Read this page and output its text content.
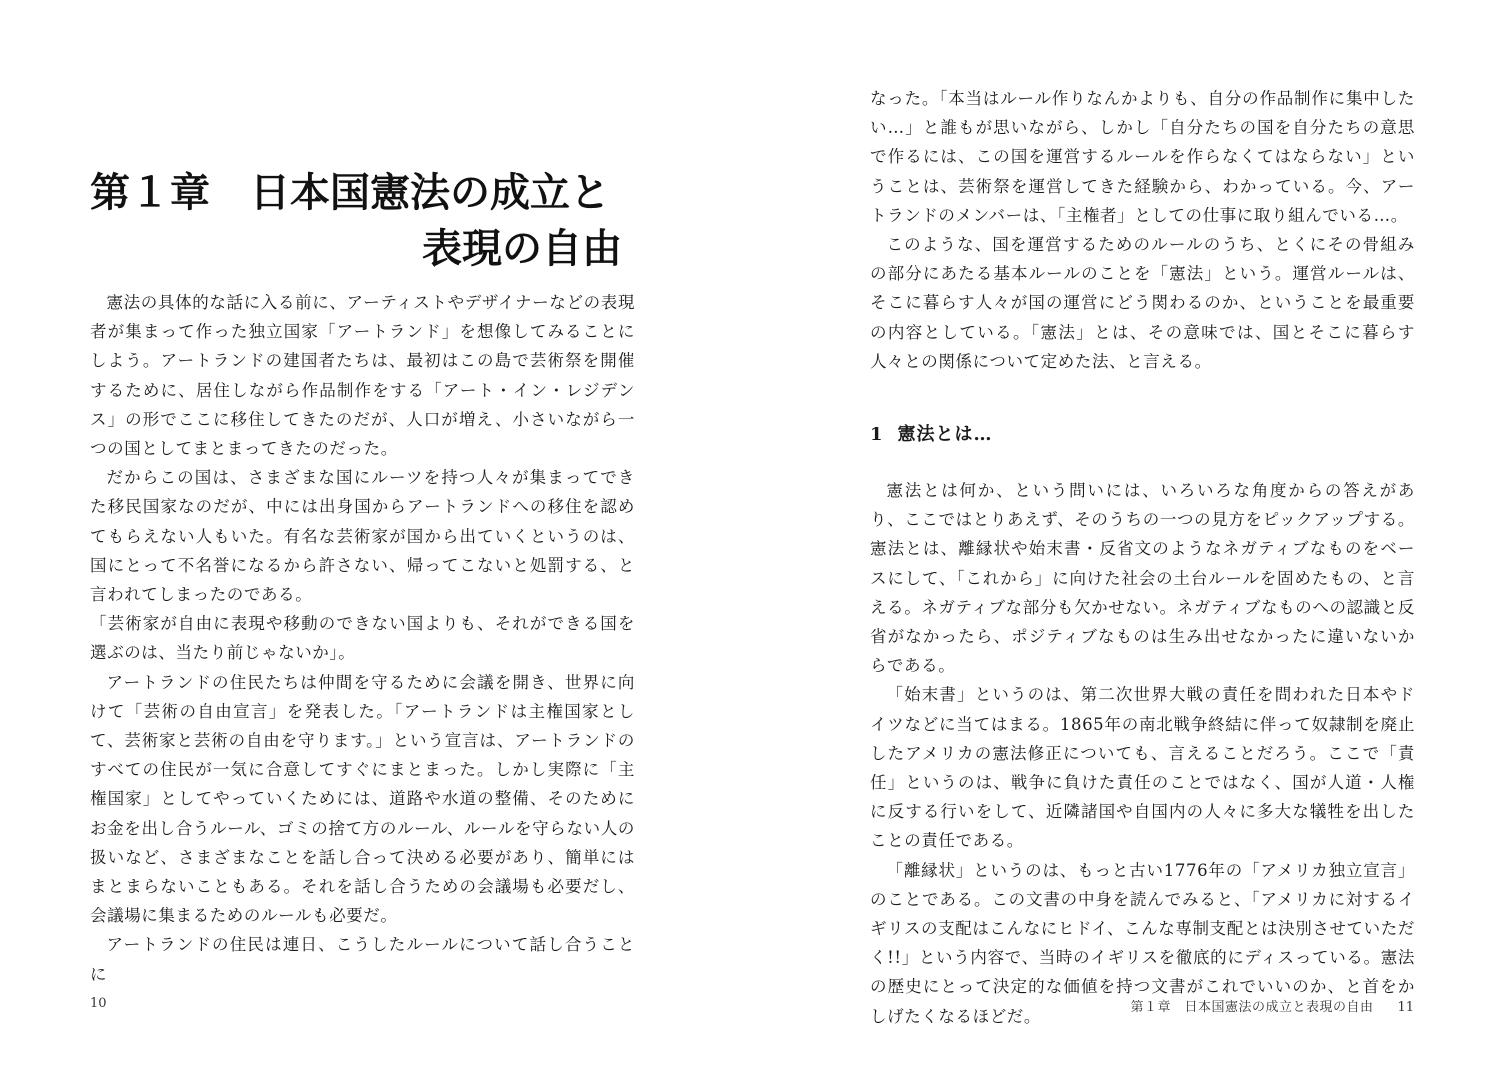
第１章　日本国憲法の成立と
表現の自由

憲法の具体的な話に入る前に、アーティストやデザイナーなどの表現者が集まって作った独立国家「アートランド」を想像してみることにしよう。アートランドの建国者たちは、最初はこの島で芸術祭を開催するために、居住しながら作品制作をする「アート・イン・レジデンス」の形でここに移住してきたのだが、人口が増え、小さいながら一つの国としてまとまってきたのだった。

だからこの国は、さまざまな国にルーツを持つ人々が集まってできた移民国家なのだが、中には出身国からアートランドへの移住を認めてもらえない人もいた。有名な芸術家が国から出ていくというのは、国にとって不名誉になるから許さない、帰ってこないと処罰する、と言われてしまったのである。

「芸術家が自由に表現や移動のできない国よりも、それができる国を選ぶのは、当たり前じゃないか」。

アートランドの住民たちは仲間を守るために会議を開き、世界に向けて「芸術の自由宣言」を発表した。「アートランドは主権国家として、芸術家と芸術の自由を守ります。」という宣言は、アートランドのすべての住民が一気に合意してすぐにまとまった。しかし実際に「主権国家」としてやっていくためには、道路や水道の整備、そのためにお金を出し合うルール、ゴミの捨て方のルール、ルールを守らない人の扱いなど、さまざまなことを話し合って決める必要があり、簡単にはまとまらないこともある。それを話し合うための会議場も必要だし、会議場に集まるためのルールも必要だ。

アートランドの住民は連日、こうしたルールについて話し合うことに

10

なった。「本当はルール作りなんかよりも、自分の作品制作に集中したい…」と誰もが思いながら、しかし「自分たちの国を自分たちの意思で作るには、この国を運営するルールを作らなくてはならない」ということは、芸術祭を運営してきた経験から、わかっている。今、アートランドのメンバーは、「主権者」としての仕事に取り組んでいる…。

このような、国を運営するためのルールのうち、とくにその骨組みの部分にあたる基本ルールのことを「憲法」という。運営ルールは、そこに暮らす人々が国の運営にどう関わるのか、ということを最重要の内容としている。「憲法」とは、その意味では、国とそこに暮らす人々との関係について定めた法、と言える。

1 憲法とは…

憲法とは何か、という問いには、いろいろな角度からの答えがあり、ここではとりあえず、そのうちの一つの見方をピックアップする。憲法とは、離縁状や始末書・反省文のようなネガティブなものをベースにして、「これから」に向けた社会の土台ルールを固めたもの、と言える。ネガティブな部分も欠かせない。ネガティブなものへの認識と反省がなかったら、ポジティブなものは生み出せなかったに違いないからである。

「始末書」というのは、第二次世界大戦の責任を問われた日本やドイツなどに当てはまる。1865年の南北戦争終結に伴って奴隷制を廃止したアメリカの憲法修正についても、言えることだろう。ここで「責任」というのは、戦争に負けた責任のことではなく、国が人道・人権に反する行いをして、近隣諸国や自国内の人々に多大な犠牲を出したことの責任である。

「離縁状」というのは、もっと古い1776年の「アメリカ独立宣言」のことである。この文書の中身を読んでみると、「アメリカに対するイギリスの支配はこんなにヒドイ、こんな専制支配とは決別させていただく!!」という内容で、当時のイギリスを徹底的にディスっている。憲法の歴史にとって決定的な価値を持つ文書がこれでいいのか、と首をかしげたくなるほどだ。	第１章　日本国憲法の成立と表現の自由 11
